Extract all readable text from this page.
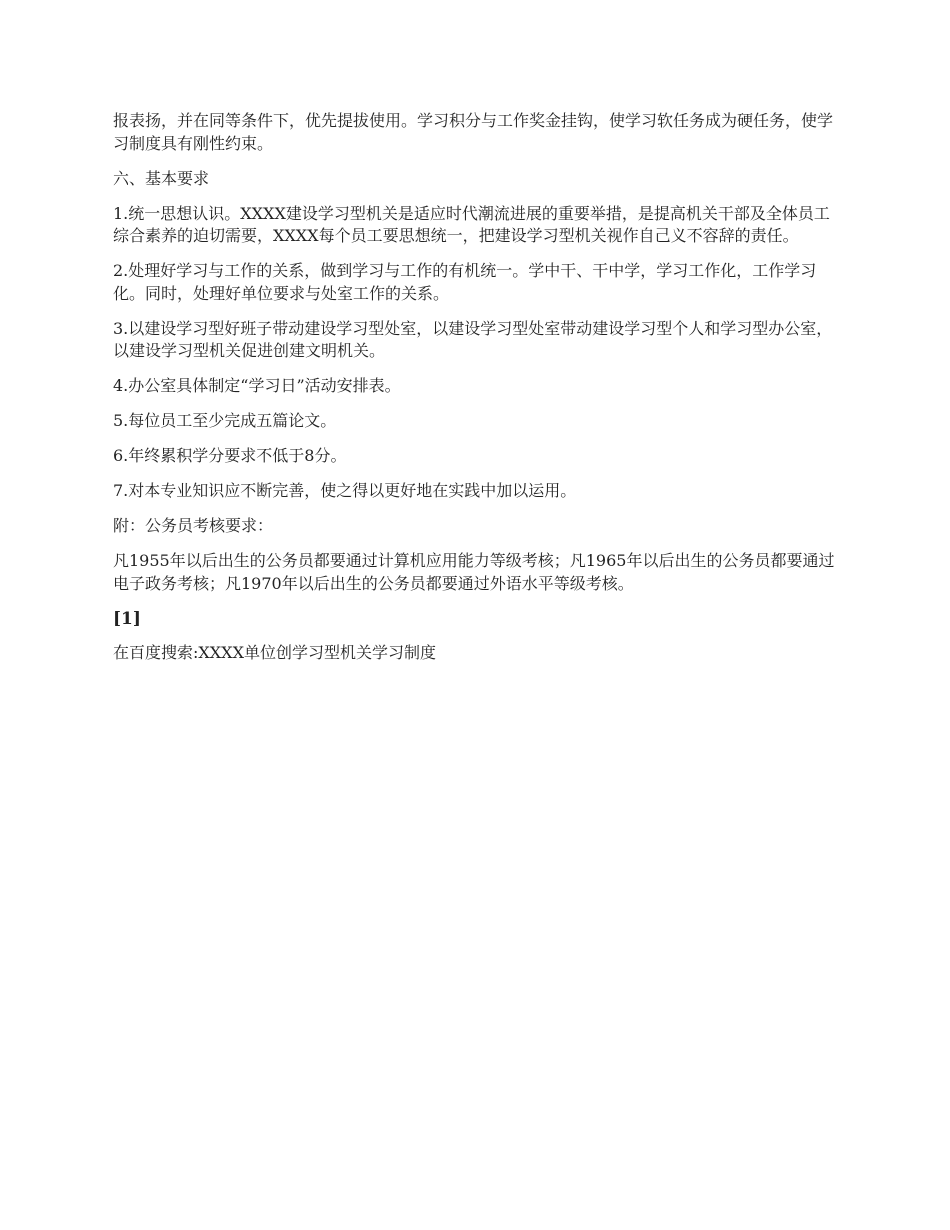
报表扬，并在同等条件下，优先提拔使用。学习积分与工作奖金挂钩，使学习软任务成为硬任务，使学习制度具有刚性约束。

六、基本要求

1.统一思想认识。XXXX建设学习型机关是适应时代潮流进展的重要举措，是提高机关干部及全体员工综合素养的迫切需要，XXXX每个员工要思想统一，把建设学习型机关视作自己义不容辞的责任。

2.处理好学习与工作的关系，做到学习与工作的有机统一。学中干、干中学，学习工作化，工作学习化。同时，处理好单位要求与处室工作的关系。

3.以建设学习型好班子带动建设学习型处室，以建设学习型处室带动建设学习型个人和学习型办公室，以建设学习型机关促进创建文明机关。

4.办公室具体制定“学习日”活动安排表。

5.每位员工至少完成五篇论文。

6.年终累积学分要求不低于8分。

7.对本专业知识应不断完善，使之得以更好地在实践中加以运用。

附：公务员考核要求：

凡1955年以后出生的公务员都要通过计算机应用能力等级考核；凡1965年以后出生的公务员都要通过电子政务考核；凡1970年以后出生的公务员都要通过外语水平等级考核。

[1]

在百度搜索:XXXX单位创学习型机关学习制度
